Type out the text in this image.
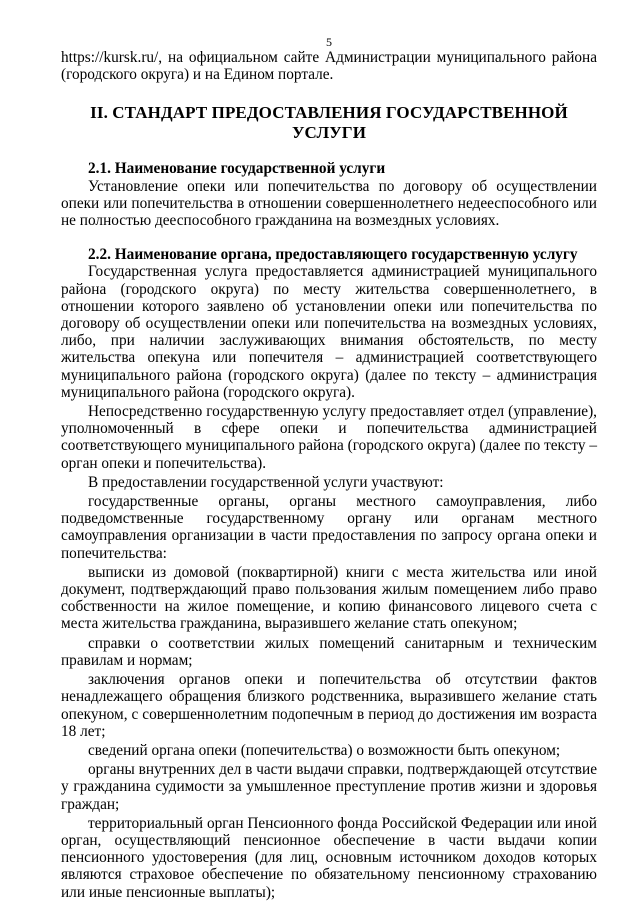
5

https://kursk.ru/, на официальном сайте Администрации муниципального района (городского округа) и на Едином портале.

II. СТАНДАРТ ПРЕДОСТАВЛЕНИЯ ГОСУДАРСТВЕННОЙ УСЛУГИ
2.1. Наименование государственной услуги

Установление опеки или попечительства по договору об осуществлении опеки или попечительства в отношении совершеннолетнего недееспособного или не полностью дееспособного гражданина на возмездных условиях.

2.2. Наименование органа, предоставляющего государственную услугу

Государственная услуга предоставляется администрацией муниципального района (городского округа) по месту жительства совершеннолетнего, в отношении которого заявлено об установлении опеки или попечительства по договору об осуществлении опеки или попечительства на возмездных условиях, либо, при наличии заслуживающих внимания обстоятельств, по месту жительства опекуна или попечителя – администрацией соответствующего муниципального района (городского округа) (далее по тексту – администрация муниципального района (городского округа).

Непосредственно государственную услугу предоставляет отдел (управление), уполномоченный в сфере опеки и попечительства администрацией соответствующего муниципального района (городского округа) (далее по тексту – орган опеки и попечительства).

В предоставлении государственной услуги участвуют:

государственные органы, органы местного самоуправления, либо подведомственные государственному органу или органам местного самоуправления организации в части предоставления по запросу органа опеки и попечительства:

выписки из домовой (поквартирной) книги с места жительства или иной документ, подтверждающий право пользования жилым помещением либо право собственности на жилое помещение, и копию финансового лицевого счета с места жительства гражданина, выразившего желание стать опекуном;

справки о соответствии жилых помещений санитарным и техническим правилам и нормам;

заключения органов опеки и попечительства об отсутствии фактов ненадлежащего обращения близкого родственника, выразившего желание стать опекуном, с совершеннолетним подопечным в период до достижения им возраста 18 лет;

сведений органа опеки (попечительства) о возможности быть опекуном;

органы внутренних дел в части выдачи справки, подтверждающей отсутствие у гражданина судимости за умышленное преступление против жизни и здоровья граждан;

территориальный орган Пенсионного фонда Российской Федерации или иной орган, осуществляющий пенсионное обеспечение в части выдачи копии пенсионного удостоверения (для лиц, основным источником доходов которых являются страховое обеспечение по обязательному пенсионному страхованию или иные пенсионные выплаты);
